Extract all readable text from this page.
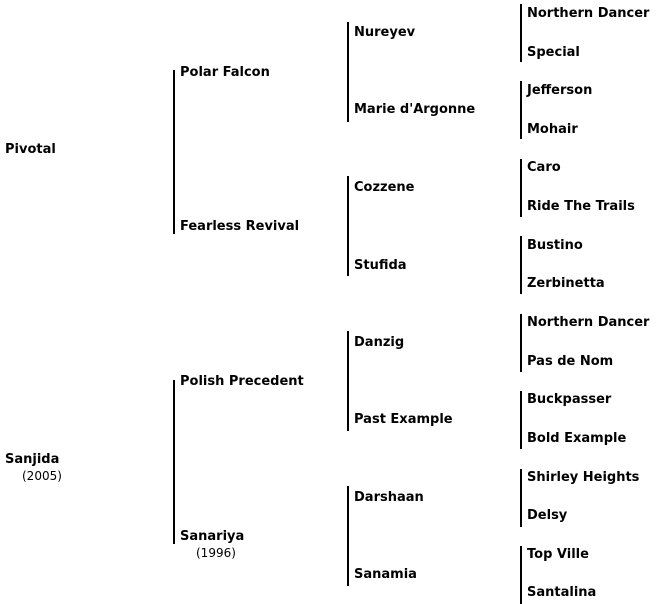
Pivotal
Sanjida
(2005)
Polar Falcon
Fearless Revival
Polish Precedent
Sanariya
(1996)
Nureyev
Marie d'Argonne
Cozzene
Stufida
Danzig
Past Example
Darshaan
Sanamia
Northern Dancer
Special
Jefferson
Mohair
Caro
Ride The Trails
Bustino
Zerbinetta
Northern Dancer
Pas de Nom
Buckpasser
Bold Example
Shirley Heights
Delsy
Top Ville
Santalina
